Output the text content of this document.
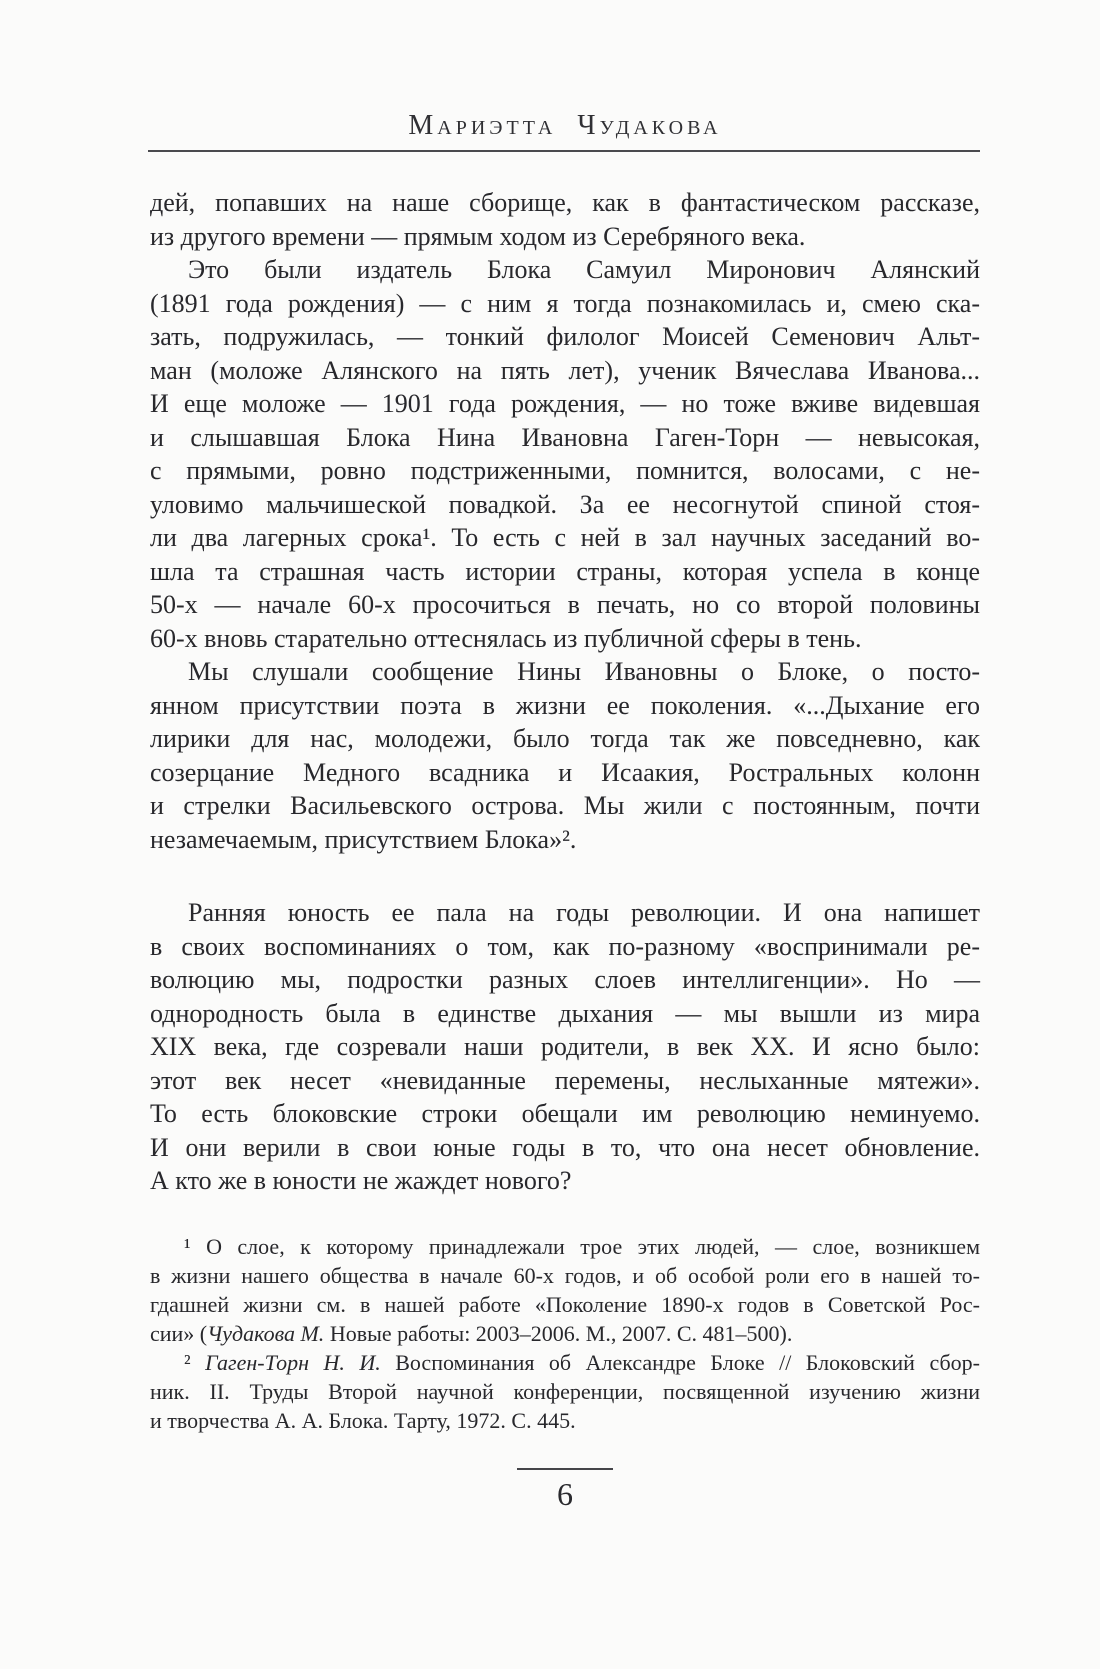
Мариэтта Чудакова
дей, попавших на наше сборище, как в фантастическом рассказе,
из другого времени — прямым ходом из Серебряного века.
Это были издатель Блока Самуил Миронович Алянский
(1891 года рождения) — с ним я тогда познакомилась и, смею ска-
зать, подружилась, — тонкий филолог Моисей Семенович Альт-
ман (моложе Алянского на пять лет), ученик Вячеслава Иванова...
И еще моложе — 1901 года рождения, — но тоже вживе видевшая
и слышавшая Блока Нина Ивановна Гаген-Торн — невысокая,
с прямыми, ровно подстриженными, помнится, волосами, с не-
уловимо мальчишеской повадкой. За ее несогнутой спиной стоя-
ли два лагерных срока¹. То есть с ней в зал научных заседаний во-
шла та страшная часть истории страны, которая успела в конце
50-х — начале 60-х просочиться в печать, но со второй половины
60-х вновь старательно оттеснялась из публичной сферы в тень.
Мы слушали сообщение Нины Ивановны о Блоке, о посто-
янном присутствии поэта в жизни ее поколения. «...Дыхание его
лирики для нас, молодежи, было тогда так же повседневно, как
созерцание Медного всадника и Исаакия, Ростральных колонн
и стрелки Васильевского острова. Мы жили с постоянным, почти
незамечаемым, присутствием Блока»².
Ранняя юность ее пала на годы революции. И она напишет
в своих воспоминаниях о том, как по-разному «воспринимали ре-
волюцию мы, подростки разных слоев интеллигенции». Но —
однородность была в единстве дыхания — мы вышли из мира
XIX века, где созревали наши родители, в век XX. И ясно было:
этот век несет «невиданные перемены, неслыханные мятежи».
То есть блоковские строки обещали им революцию неминуемо.
И они верили в свои юные годы в то, что она несет обновление.
А кто же в юности не жаждет нового?
¹ О слое, к которому принадлежали трое этих людей, — слое, возникшем
в жизни нашего общества в начале 60-х годов, и об особой роли его в нашей то-
гдашней жизни см. в нашей работе «Поколение 1890-х годов в Советской Рос-
сии» (Чудакова М. Новые работы: 2003–2006. М., 2007. С. 481–500).
² Гаген-Торн Н. И. Воспоминания об Александре Блоке // Блоковский сбор-
ник. II. Труды Второй научной конференции, посвященной изучению жизни
и творчества А. А. Блока. Тарту, 1972. С. 445.
6
